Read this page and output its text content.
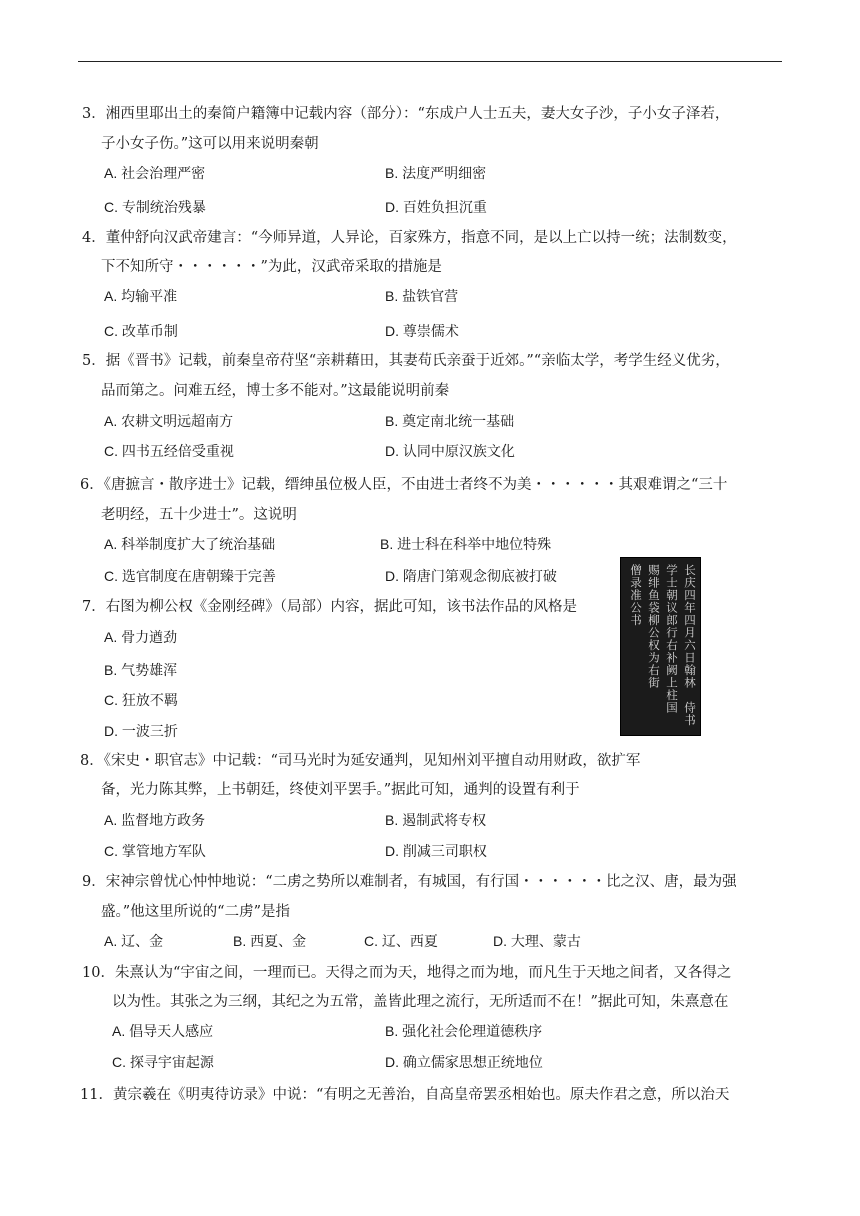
3．湘西里耶出土的秦简户籍簿中记载内容（部分）：“东成户人士五夫，妻大女子沙，子小女子泽若，
子小女子伤。”这可以用来说明秦朝
A. 社会治理严密	B. 法度严明细密
C. 专制统治残暴	D. 百姓负担沉重
4．董仲舒向汉武帝建言：“今师异道，人异论，百家殊方，指意不同，是以上亡以持一统；法制数变，
下不知所守・・・・・・”为此，汉武帝采取的措施是
A. 均输平准	B. 盐铁官营
C. 改革币制	D. 尊崇儒术
5．据《晋书》记载，前秦皇帝苻坚“亲耕藉田，其妻苟氏亲蚕于近郊。”“亲临太学，考学生经义优劣，
品而第之。问难五经，博士多不能对。”这最能说明前秦
A. 农耕文明远超南方	B. 奠定南北统一基础
C. 四书五经倍受重视	D. 认同中原汉族文化
6．《唐摭言・散序进士》记载，缙绅虽位极人臣，不由进士者终不为美・・・・・・其艰难谓之“三十
老明经，五十少进士”。这说明
A. 科举制度扩大了统治基础	B. 进士科在科举中地位特殊
C. 选官制度在唐朝臻于完善	D. 隋唐门第观念彻底被打破
7．右图为柳公权《金刚经碑》（局部）内容，据此可知，该书法作品的风格是
A. 骨力遒劲
B. 气势雄浑
C. 狂放不羁
D. 一波三折
长庆四年四月六日翰林　侍书
学士朝议郎行右补阙上柱国
赐绯鱼袋柳公权为右街
僧录准公书
8．《宋史・职官志》中记载：“司马光时为延安通判，见知州刘平擅自动用财政，欲扩军
备，光力陈其弊，上书朝廷，终使刘平罢手。”据此可知，通判的设置有利于
A. 监督地方政务	B. 遏制武将专权
C. 掌管地方军队	D. 削减三司职权
9．宋神宗曾忧心忡忡地说：“二虏之势所以难制者，有城国，有行国・・・・・・比之汉、唐，最为强
盛。”他这里所说的“二虏”是指
A. 辽、金	B. 西夏、金	C. 辽、西夏	D. 大理、蒙古
10．朱熹认为“宇宙之间，一理而已。天得之而为天，地得之而为地，而凡生于天地之间者，又各得之
以为性。其张之为三纲，其纪之为五常，盖皆此理之流行，无所适而不在！”据此可知，朱熹意在
A. 倡导天人感应	B. 强化社会伦理道德秩序
C. 探寻宇宙起源	D. 确立儒家思想正统地位
11．黄宗羲在《明夷待访录》中说：“有明之无善治，自高皇帝罢丞相始也。原夫作君之意，所以治天
